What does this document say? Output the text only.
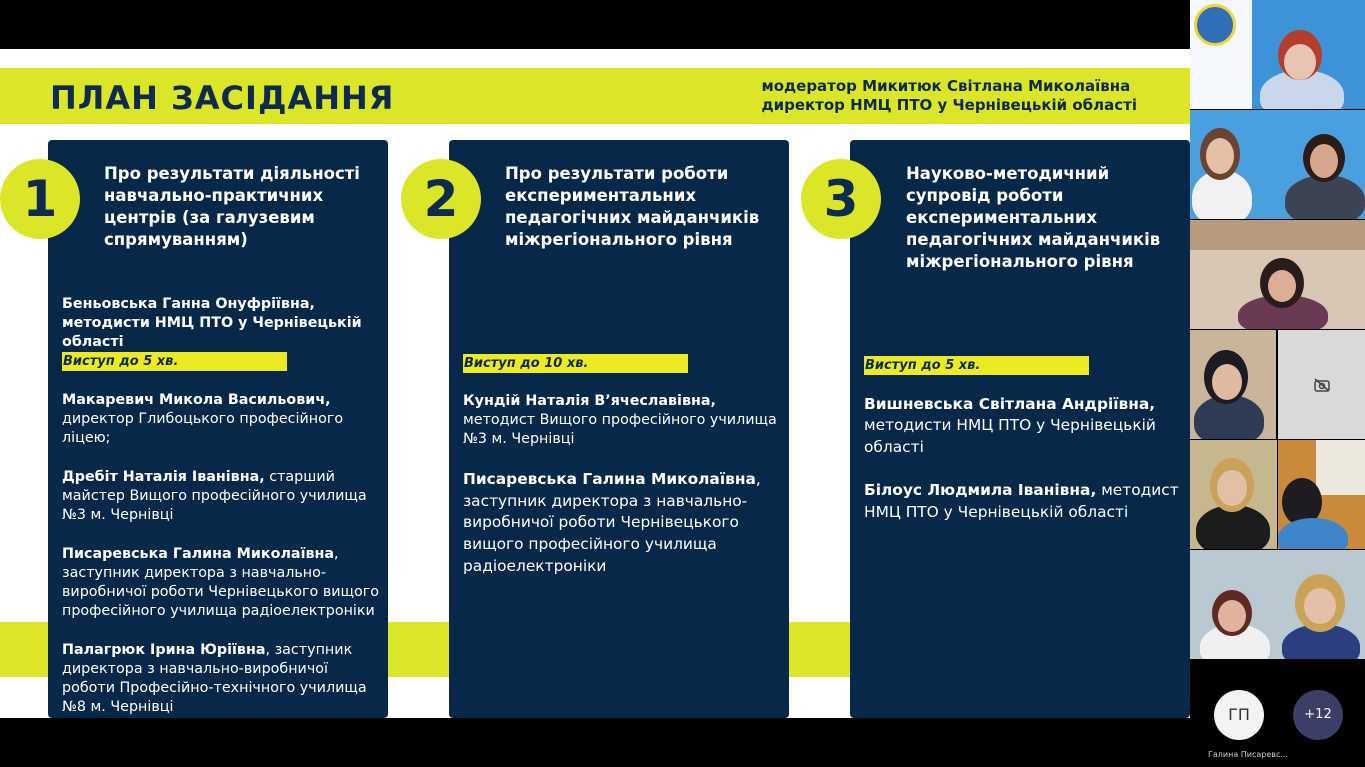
ПЛАН ЗАСІДАННЯ	модератор Микитюк Світлана Миколаївна
директор НМЦ ПТО у Чернівецькій області
Про результати діяльності навчально-практичних центрів (за галузевим спрямуванням)
Беньовська Ганна Онуфріївна,
методисти НМЦ ПТО у Чернівецькій області
Виступ до 5 хв.
Макаревич Микола Васильович, директор Глибоцького професійного ліцею;
Дребіт Наталія Іванівна, старший майстер Вищого професійного училища №3 м. Чернівці
Писаревська Галина Миколаївна, заступник директора з навчально-виробничої роботи Чернівецького вищого професійного училища радіоелектроніки
Палагрюк Ірина Юріївна, заступник директора з навчально-виробничої роботи Професійно-технічного училища №8 м. Чернівці
1	Про результати роботи експериментальних педагогічних майданчиків міжрегіонального рівня
Виступ до 10 хв.
Кундій Наталія В’ячеславівна, методист Вищого професійного училища №3 м. Чернівці
Писаревська Галина Миколаївна, заступник директора з навчально-виробничої роботи Чернівецького вищого професійного училища радіоелектроніки
2	Науково-методичний супровід роботи експериментальних педагогічних майданчиків міжрегіонального рівня
Виступ до 5 хв.
Вишневська Світлана Андріївна, методисти НМЦ ПТО у Чернівецькій області
Білоус Людмила Іванівна, методист НМЦ ПТО у Чернівецькій області
3
ГП	+12
Галина Писаревс...
